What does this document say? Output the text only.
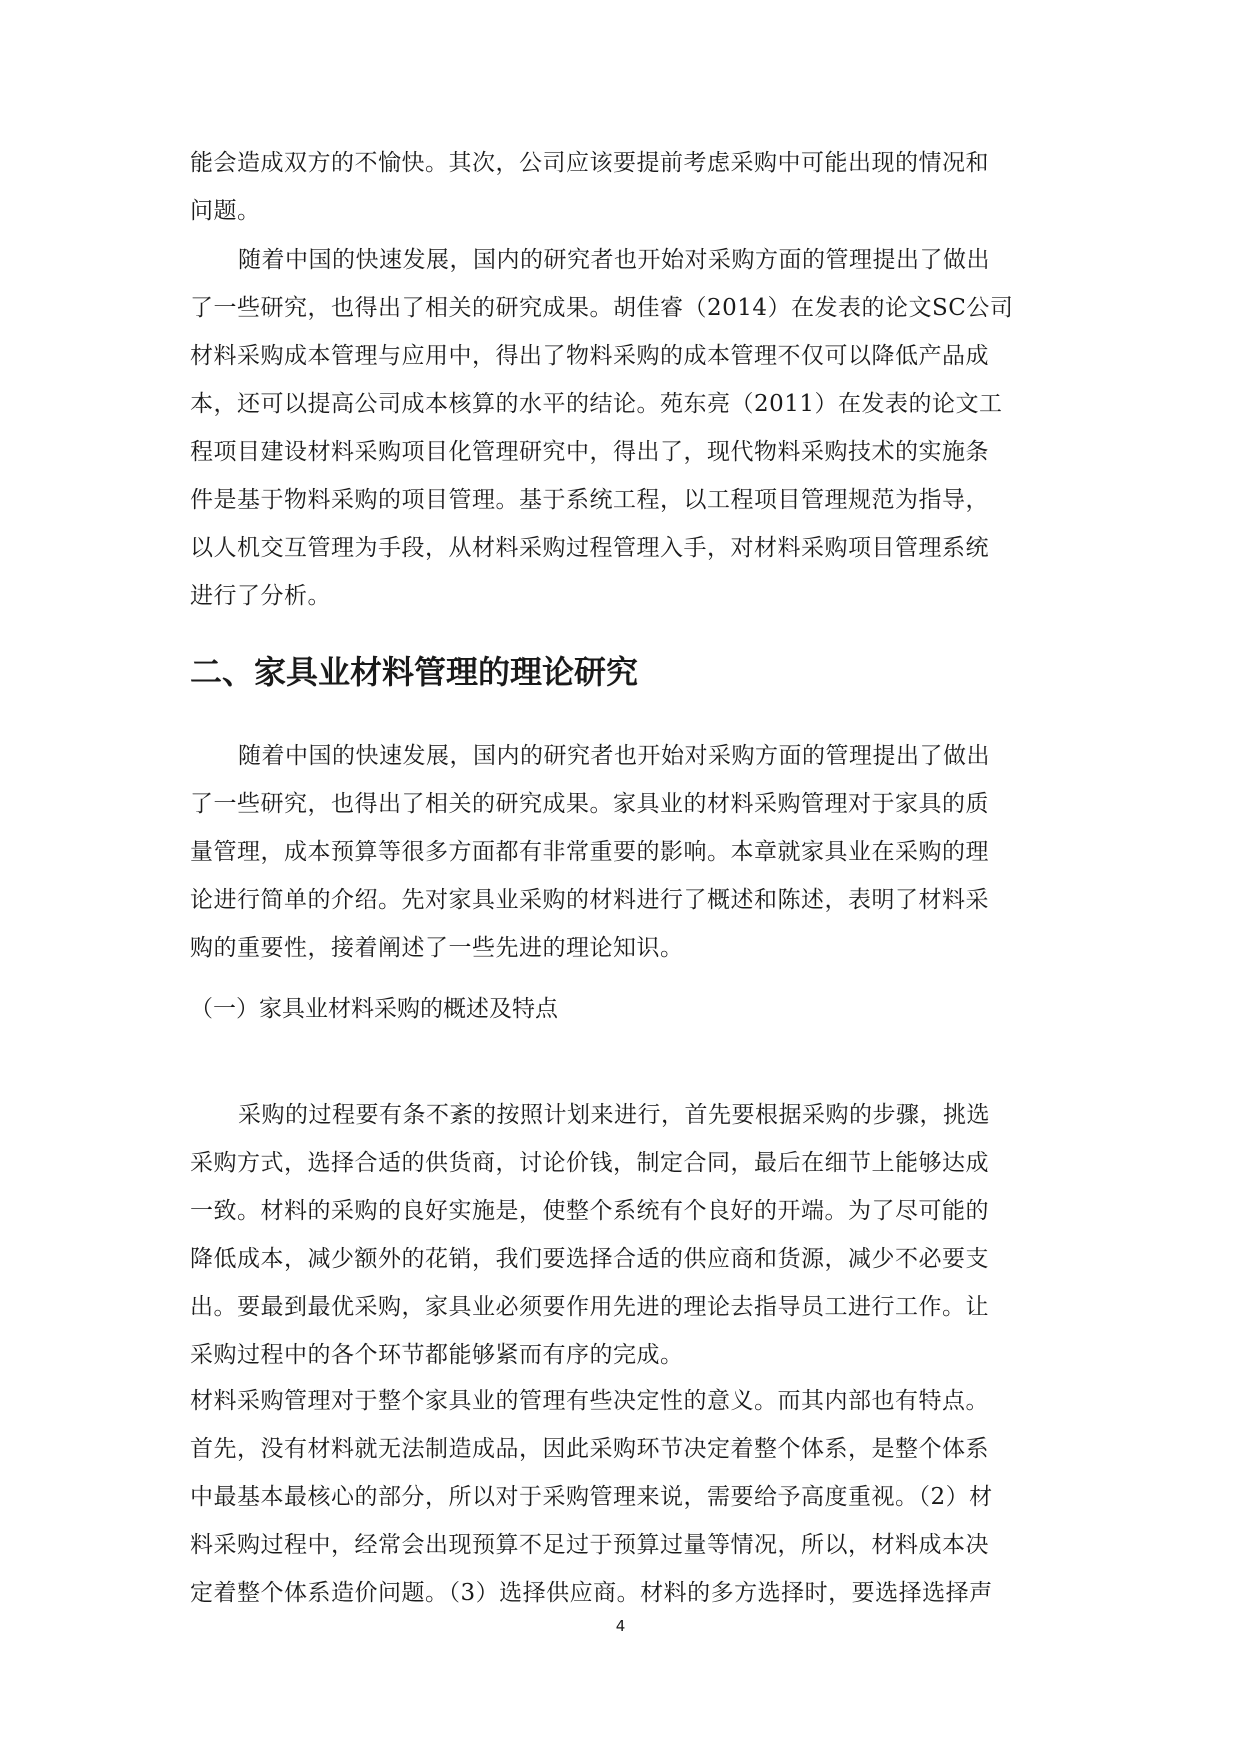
能会造成双方的不愉快。其次，公司应该要提前考虑采购中可能出现的情况和
问题。
随着中国的快速发展，国内的研究者也开始对采购方面的管理提出了做出
了一些研究，也得出了相关的研究成果。胡佳睿（2014）在发表的论文SC公司
材料采购成本管理与应用中，得出了物料采购的成本管理不仅可以降低产品成
本，还可以提高公司成本核算的水平的结论。苑东亮（2011）在发表的论文工
程项目建设材料采购项目化管理研究中，得出了，现代物料采购技术的实施条
件是基于物料采购的项目管理。基于系统工程，以工程项目管理规范为指导，
以人机交互管理为手段，从材料采购过程管理入手，对材料采购项目管理系统
进行了分析。
二、家具业材料管理的理论研究
随着中国的快速发展，国内的研究者也开始对采购方面的管理提出了做出
了一些研究，也得出了相关的研究成果。家具业的材料采购管理对于家具的质
量管理，成本预算等很多方面都有非常重要的影响。本章就家具业在采购的理
论进行简单的介绍。先对家具业采购的材料进行了概述和陈述，表明了材料采
购的重要性，接着阐述了一些先进的理论知识。
（一）家具业材料采购的概述及特点
采购的过程要有条不紊的按照计划来进行，首先要根据采购的步骤，挑选
采购方式，选择合适的供货商，讨论价钱，制定合同，最后在细节上能够达成
一致。材料的采购的良好实施是，使整个系统有个良好的开端。为了尽可能的
降低成本，减少额外的花销，我们要选择合适的供应商和货源，减少不必要支
出。要最到最优采购，家具业必须要作用先进的理论去指导员工进行工作。让
采购过程中的各个环节都能够紧而有序的完成。
材料采购管理对于整个家具业的管理有些决定性的意义。而其内部也有特点。
首先，没有材料就无法制造成品，因此采购环节决定着整个体系，是整个体系
中最基本最核心的部分，所以对于采购管理来说，需要给予高度重视。（2）材
料采购过程中，经常会出现预算不足过于预算过量等情况，所以，材料成本决
定着整个体系造价问题。（3）选择供应商。材料的多方选择时，要选择选择声
4
